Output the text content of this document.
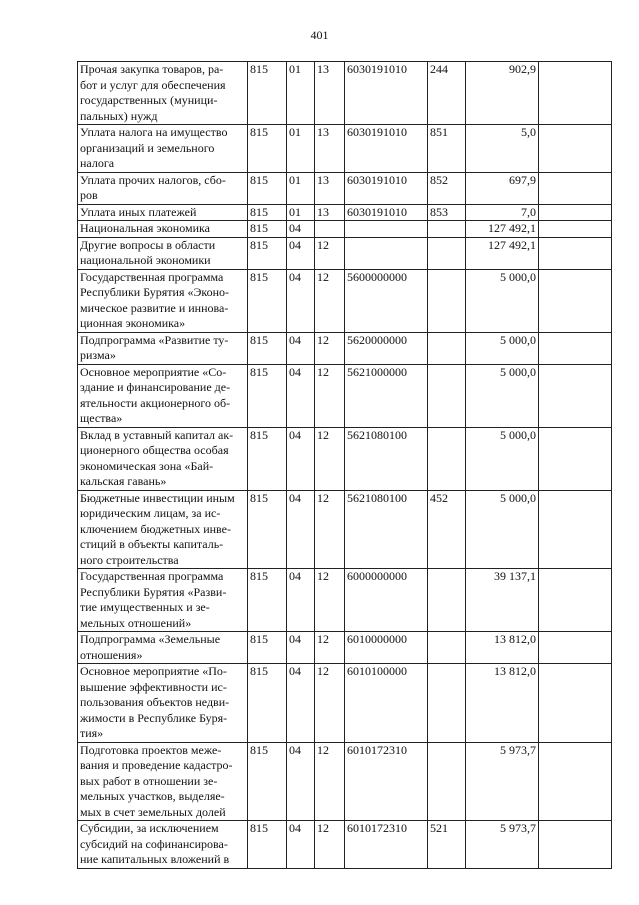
401
Прочая закупка товаров, ра-
бот и услуг для обеспечения
государственных (муници-
пальных) нужд	815	01	13	6030191010	244	902,9	
Уплата налога на имущество
организаций и земельного
налога	815	01	13	6030191010	851	5,0	
Уплата прочих налогов, сбо-
ров	815	01	13	6030191010	852	697,9	
Уплата иных платежей	815	01	13	6030191010	853	7,0	
Национальная экономика	815	04				127 492,1	
Другие вопросы в области
национальной экономики	815	04	12			127 492,1	
Государственная программа
Республики Бурятия «Эконо-
мическое развитие и иннова-
ционная экономика»	815	04	12	5600000000		5 000,0	
Подпрограмма «Развитие ту-
ризма»	815	04	12	5620000000		5 000,0	
Основное мероприятие «Со-
здание и финансирование де-
ятельности акционерного об-
щества»	815	04	12	5621000000		5 000,0	
Вклад в уставный капитал ак-
ционерного общества особая
экономическая зона «Бай-
кальская гавань»	815	04	12	5621080100		5 000,0	
Бюджетные инвестиции иным
юридическим лицам, за ис-
ключением бюджетных инве-
стиций в объекты капиталь-
ного строительства	815	04	12	5621080100	452	5 000,0	
Государственная программа
Республики Бурятия «Разви-
тие имущественных и зе-
мельных отношений»	815	04	12	6000000000		39 137,1	
Подпрограмма «Земельные
отношения»	815	04	12	6010000000		13 812,0	
Основное мероприятие «По-
вышение эффективности ис-
пользования объектов недви-
жимости в Республике Буря-
тия»	815	04	12	6010100000		13 812,0	
Подготовка проектов меже-
вания и проведение кадастро-
вых работ в отношении зе-
мельных участков, выделяе-
мых в счет земельных долей	815	04	12	6010172310		5 973,7	
Субсидии, за исключением
субсидий на софинансирова-
ние капитальных вложений в	815	04	12	6010172310	521	5 973,7	
